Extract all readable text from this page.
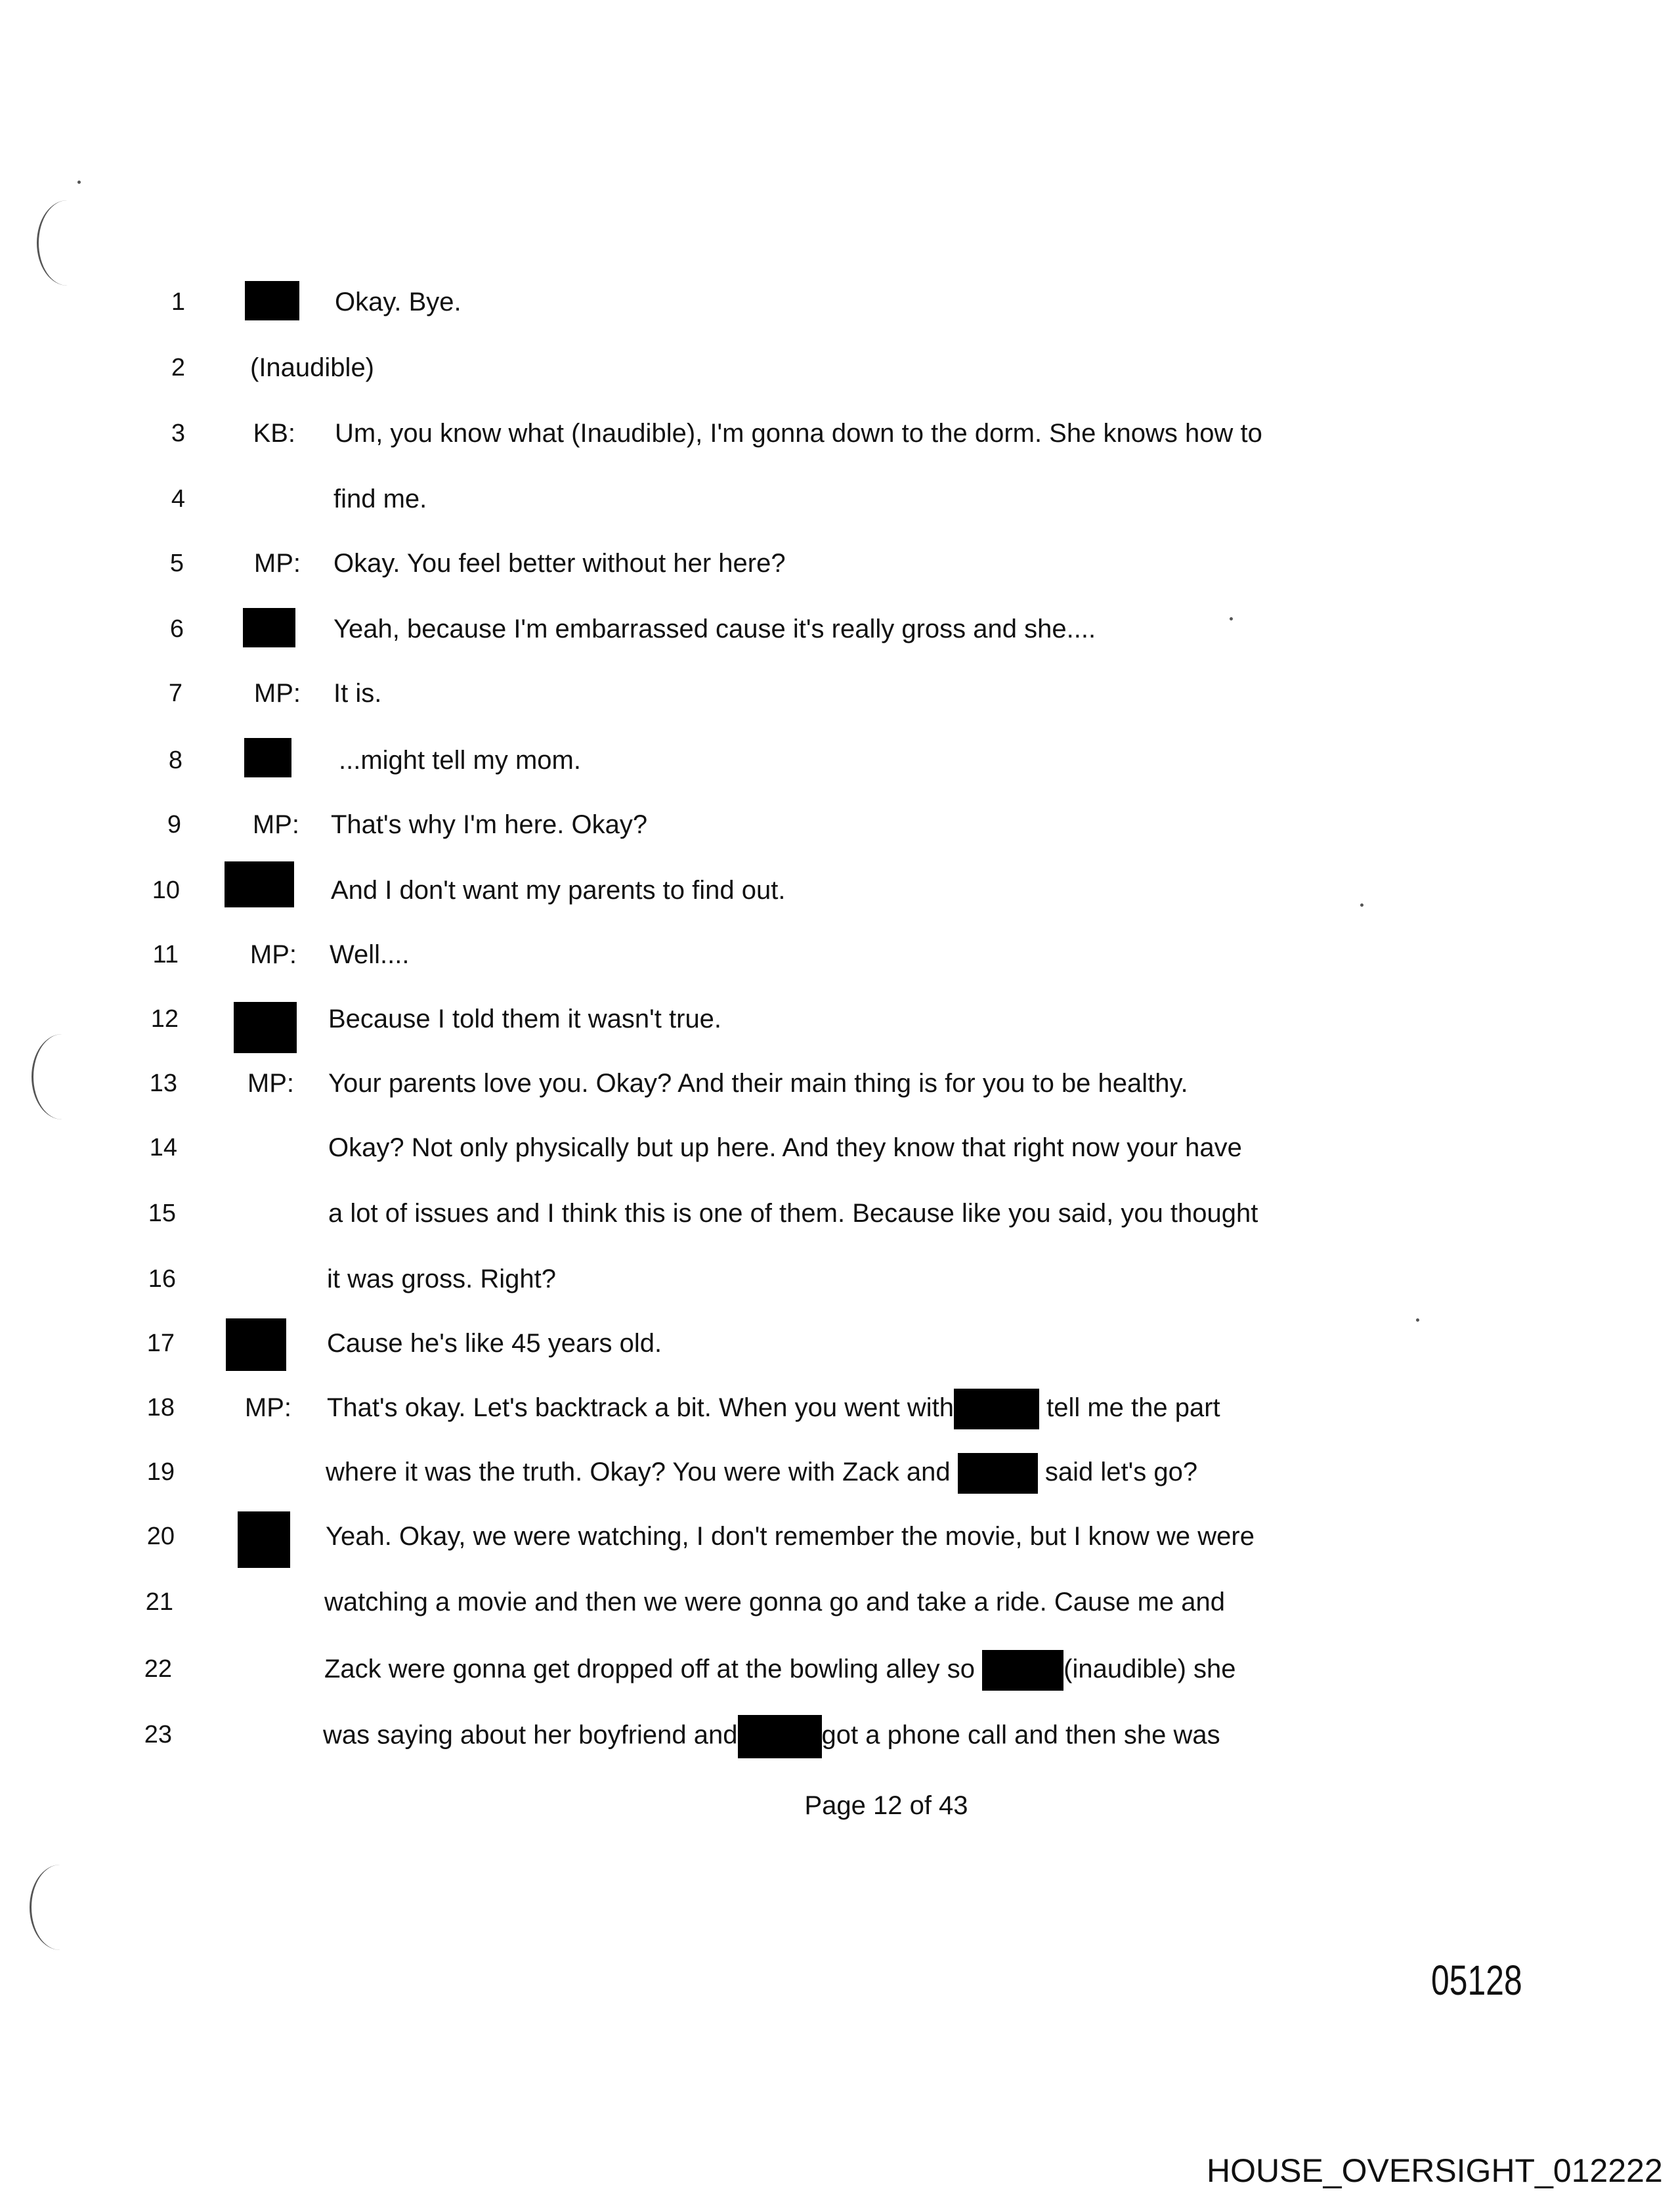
1	Okay. Bye.
2 (Inaudible)
3	KB: Um, you know what (Inaudible), I'm gonna down to the dorm. She knows how to
4	find me.
5	MP: Okay. You feel better without her here?
6	Yeah, because I'm embarrassed cause it's really gross and she....
7	MP: It is.
8	...might tell my mom.
9	MP: That's why I'm here. Okay?
10	And I don't want my parents to find out.
11	MP: Well....
12	Because I told them it wasn't true.
13	MP: Your parents love you. Okay? And their main thing is for you to be healthy.
14	Okay? Not only physically but up here. And they know that right now your have
15	a lot of issues and I think this is one of them. Because like you said, you thought
16	it was gross. Right?
17	Cause he's like 45 years old.
18	MP: That's okay. Let's backtrack a bit. When you went with	tell me the part
19	where it was the truth. Okay? You were with Zack and	said let's go?
20	Yeah. Okay, we were watching, I don't remember the movie, but I know we were
21	watching a movie and then we were gonna go and take a ride. Cause me and
22	Zack were gonna get dropped off at the bowling alley so	(inaudible) she
23	was saying about her boyfriend and	got a phone call and then she was
Page 12 of 43
05128
HOUSE_OVERSIGHT_012222
